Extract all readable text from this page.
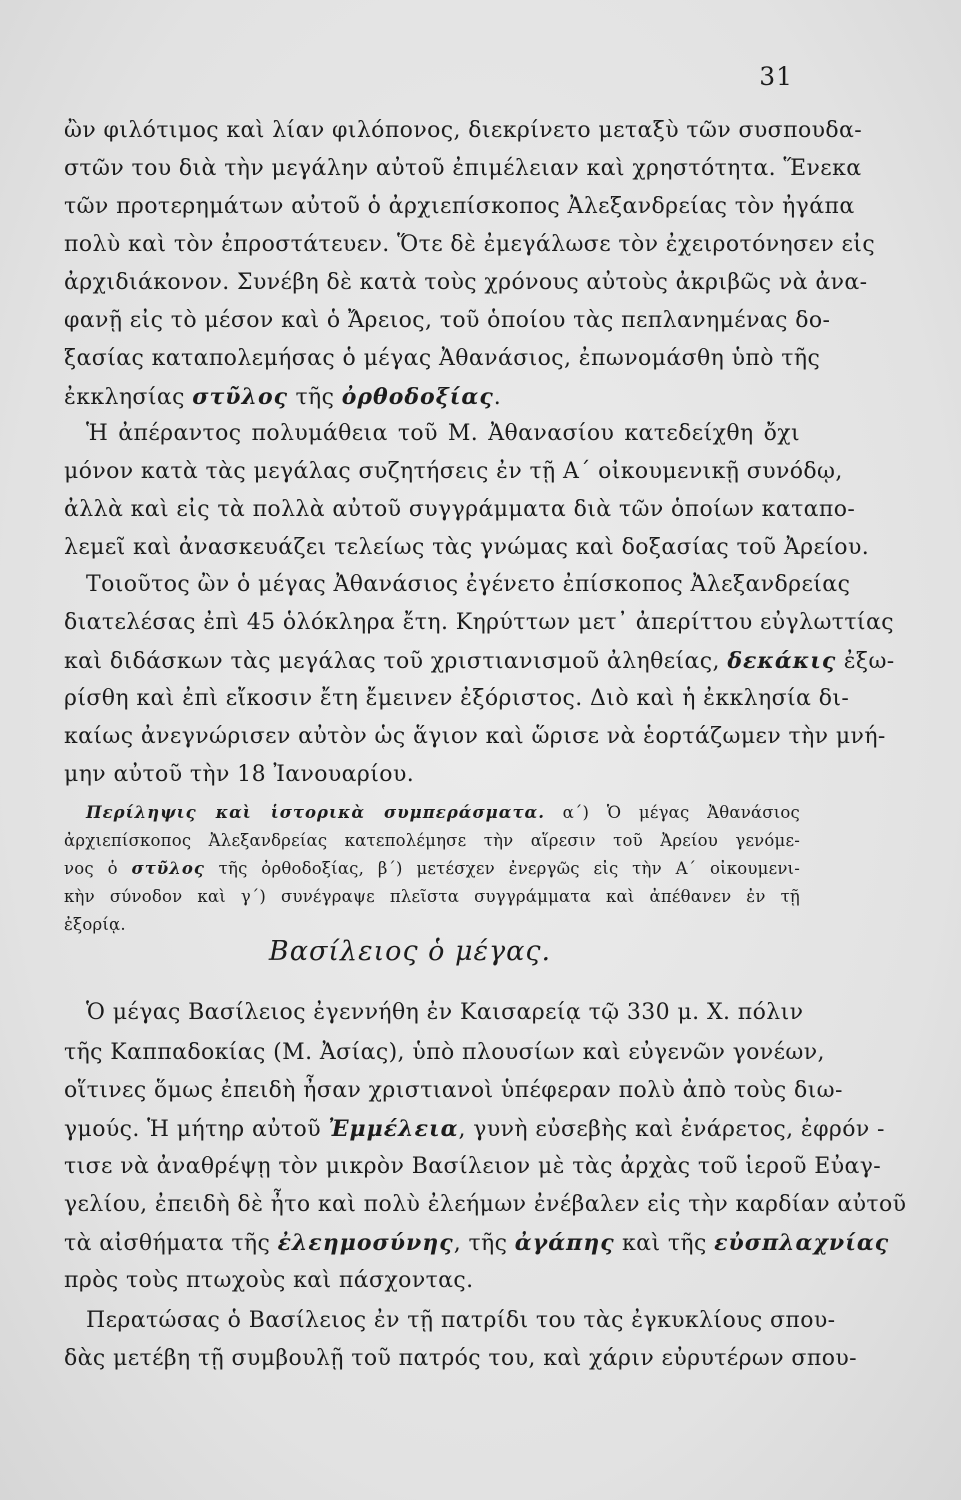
31
ὢν φιλότιμος καὶ λίαν φιλόπονος, διεκρίνετο μεταξὺ τῶν συσπουδα-
στῶν του διὰ τὴν μεγάλην αὐτοῦ ἐπιμέλειαν καὶ χρηστότητα. Ἕνεκα
τῶν προτερημάτων αὐτοῦ ὁ ἀρχιεπίσκοπος Ἀλεξανδρείας τὸν ἠγάπα
πολὺ καὶ τὸν ἐπροστάτευεν. Ὅτε δὲ ἐμεγάλωσε τὸν ἐχειροτόνησεν εἰς
ἀρχιδιάκονον. Συνέβη δὲ κατὰ τοὺς χρόνους αὐτοὺς ἀκριβῶς νὰ ἀνα-
φανῇ εἰς τὸ μέσον καὶ ὁ Ἄρειος, τοῦ ὁποίου τὰς πεπλανημένας δο-
ξασίας καταπολεμήσας ὁ μέγας Ἀθανάσιος, ἐπωνομάσθη ὑπὸ τῆς
ἐκκλησίας στῦλος τῆς ὀρθοδοξίας.
Ἡ ἀπέραντος πολυμάθεια τοῦ Μ. Ἀθανασίου κατεδείχθη ὄχι
μόνον κατὰ τὰς μεγάλας συζητήσεις ἐν τῇ Α΄ οἰκουμενικῇ συνόδῳ,
ἀλλὰ καὶ εἰς τὰ πολλὰ αὐτοῦ συγγράμματα διὰ τῶν ὁποίων καταπο-
λεμεῖ καὶ ἀνασκευάζει τελείως τὰς γνώμας καὶ δοξασίας τοῦ Ἀρείου.
Τοιοῦτος ὢν ὁ μέγας Ἀθανάσιος ἐγένετο ἐπίσκοπος Ἀλεξανδρείας
διατελέσας ἐπὶ 45 ὁλόκληρα ἔτη. Κηρύττων μετ᾽ ἀπερίττου εὐγλωττίας
καὶ διδάσκων τὰς μεγάλας τοῦ χριστιανισμοῦ ἀληθείας, δεκάκις ἐξω-
ρίσθη καὶ ἐπὶ εἴκοσιν ἔτη ἔμεινεν ἐξόριστος. Διὸ καὶ ἡ ἐκκλησία δι-
καίως ἀνεγνώρισεν αὐτὸν ὡς ἅγιον καὶ ὥρισε νὰ ἑορτάζωμεν τὴν μνή-
μην αὐτοῦ τὴν 18 Ἰανουαρίου.
Περίληψις καὶ ἱστορικὰ συμπεράσματα. α΄) Ὁ μέγας Ἀθανάσιος
ἀρχιεπίσκοπος Ἀλεξανδρείας κατεπολέμησε τὴν αἵρεσιν τοῦ Ἀρείου γενόμε-
νος ὁ στῦλος τῆς ὀρθοδοξίας, β΄) μετέσχεν ἐνεργῶς εἰς τὴν Α΄ οἰκουμενι-
κὴν σύνοδον καὶ γ΄) συνέγραψε πλεῖστα συγγράμματα καὶ ἀπέθανεν ἐν τῇ
ἐξορίᾳ.
Βασίλειος ὁ μέγας.
Ὁ μέγας Βασίλειος ἐγεννήθη ἐν Καισαρείᾳ τῷ 330 μ. Χ. πόλιν
τῆς Καππαδοκίας (Μ. Ἀσίας), ὑπὸ πλουσίων καὶ εὐγενῶν γονέων,
οἵτινες ὅμως ἐπειδὴ ἦσαν χριστιανοὶ ὑπέφεραν πολὺ ἀπὸ τοὺς διω-
γμούς. Ἡ μήτηρ αὐτοῦ Ἐμμέλεια, γυνὴ εὐσεβὴς καὶ ἐνάρετος, ἐφρόν -
τισε νὰ ἀναθρέψῃ τὸν μικρὸν Βασίλειον μὲ τὰς ἀρχὰς τοῦ ἱεροῦ Εὐαγ-
γελίου, ἐπειδὴ δὲ ἦτο καὶ πολὺ ἐλεήμων ἐνέβαλεν εἰς τὴν καρδίαν αὐτοῦ
τὰ αἰσθήματα τῆς ἐλεημοσύνης, τῆς ἀγάπης καὶ τῆς εὐσπλαχνίας
πρὸς τοὺς πτωχοὺς καὶ πάσχοντας.
Περατώσας ὁ Βασίλειος ἐν τῇ πατρίδι του τὰς ἐγκυκλίους σπου-
δὰς μετέβη τῇ συμβουλῇ τοῦ πατρός του, καὶ χάριν εὐρυτέρων σπου-
